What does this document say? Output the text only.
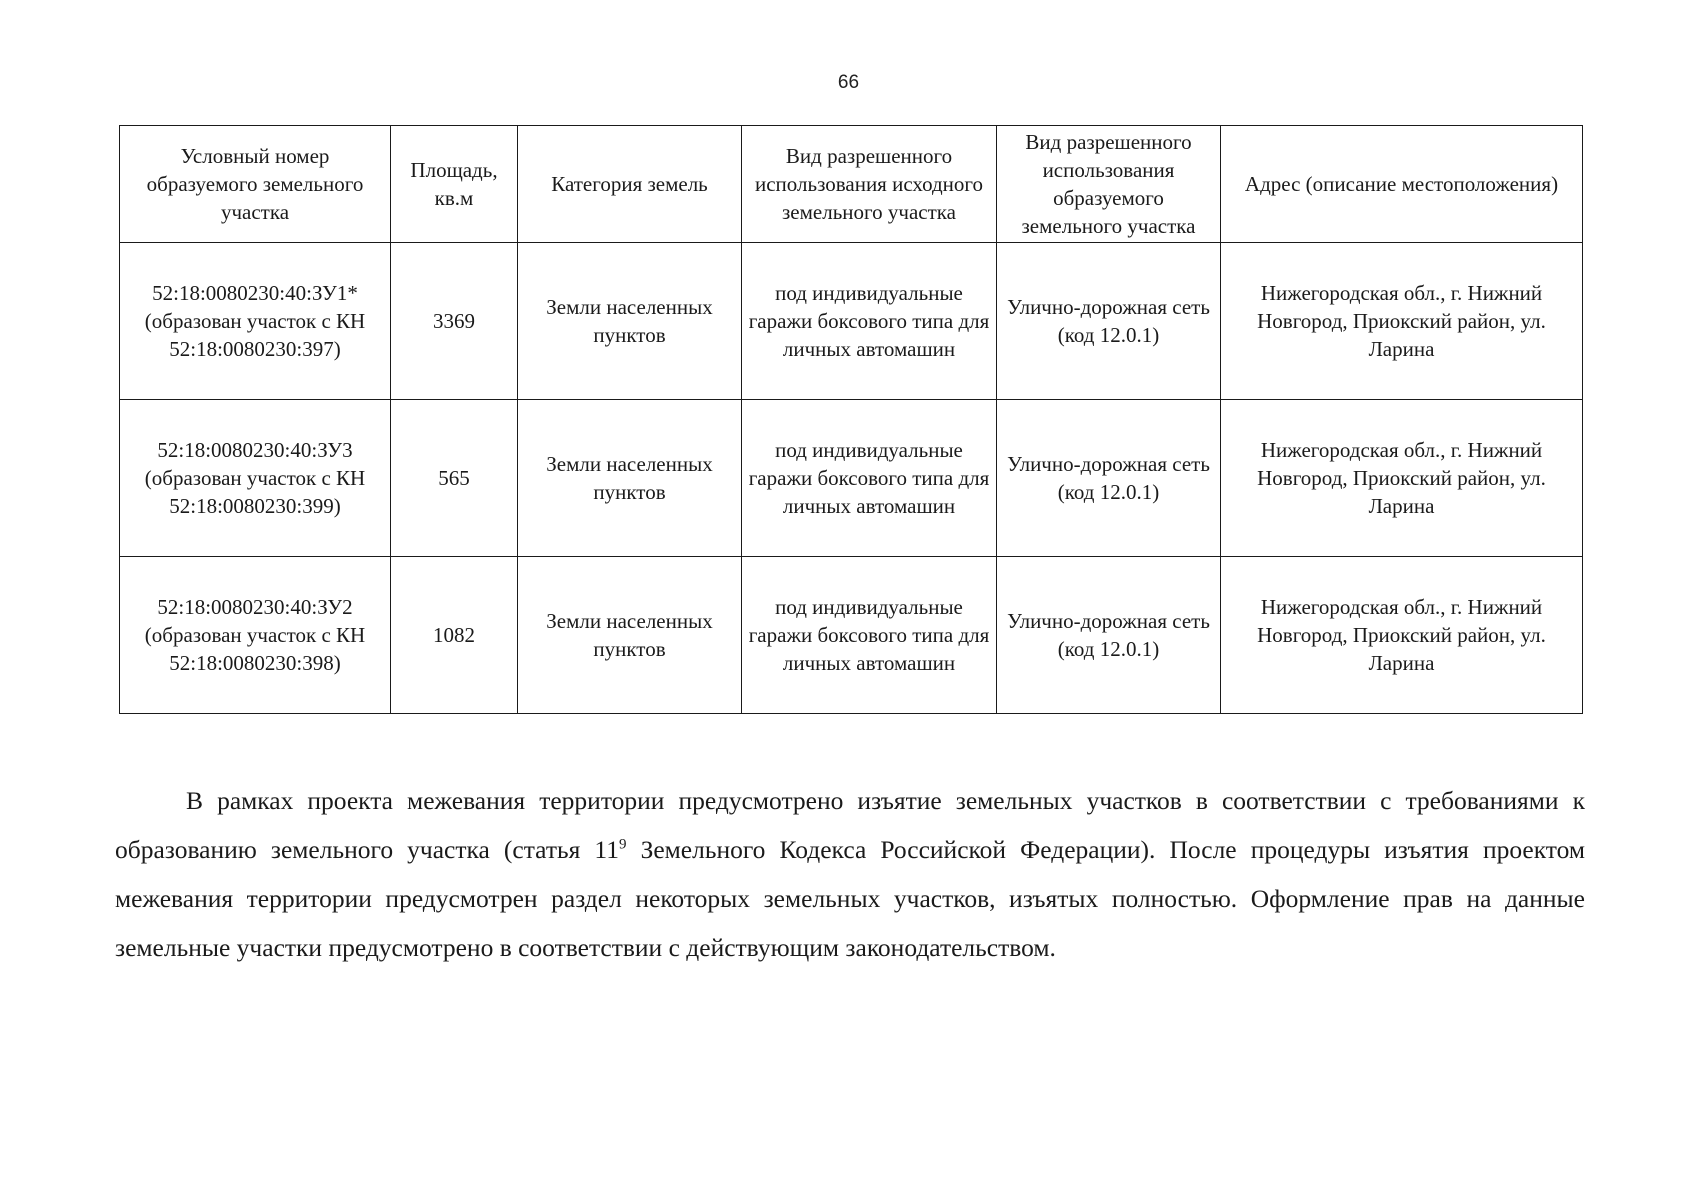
66
Условный номер образуемого земельного участка	Площадь, кв.м	Категория земель	Вид разрешенного использования исходного земельного участка	Вид разрешенного использования образуемого земельного участка	Адрес (описание местоположения)

52:18:0080230:40:ЗУ1*
(образован участок с КН
52:18:0080230:397)	3369	Земли населенных пунктов	под индивидуальные гаражи боксового типа для личных автомашин	Улично-дорожная сеть (код 12.0.1)	Нижегородская обл., г. Нижний Новгород, Приокский район, ул. Ларина

52:18:0080230:40:ЗУ3
(образован участок с КН
52:18:0080230:399)	565	Земли населенных пунктов	под индивидуальные гаражи боксового типа для личных автомашин	Улично-дорожная сеть (код 12.0.1)	Нижегородская обл., г. Нижний Новгород, Приокский район, ул. Ларина

52:18:0080230:40:ЗУ2
(образован участок с КН
52:18:0080230:398)	1082	Земли населенных пунктов	под индивидуальные гаражи боксового типа для личных автомашин	Улично-дорожная сеть (код 12.0.1)	Нижегородская обл., г. Нижний Новгород, Приокский район, ул. Ларина

В рамках проекта межевания территории предусмотрено изъятие земельных участков в соответствии с требованиями к образованию земельного участка (статья $11^9$ Земельного Кодекса Российской Федерации). После процедуры изъятия проектом межевания территории предусмотрен раздел некоторых земельных участков, изъятых полностью. Оформление прав на данные земельные участки предусмотрено в соответствии с действующим законодательством.
